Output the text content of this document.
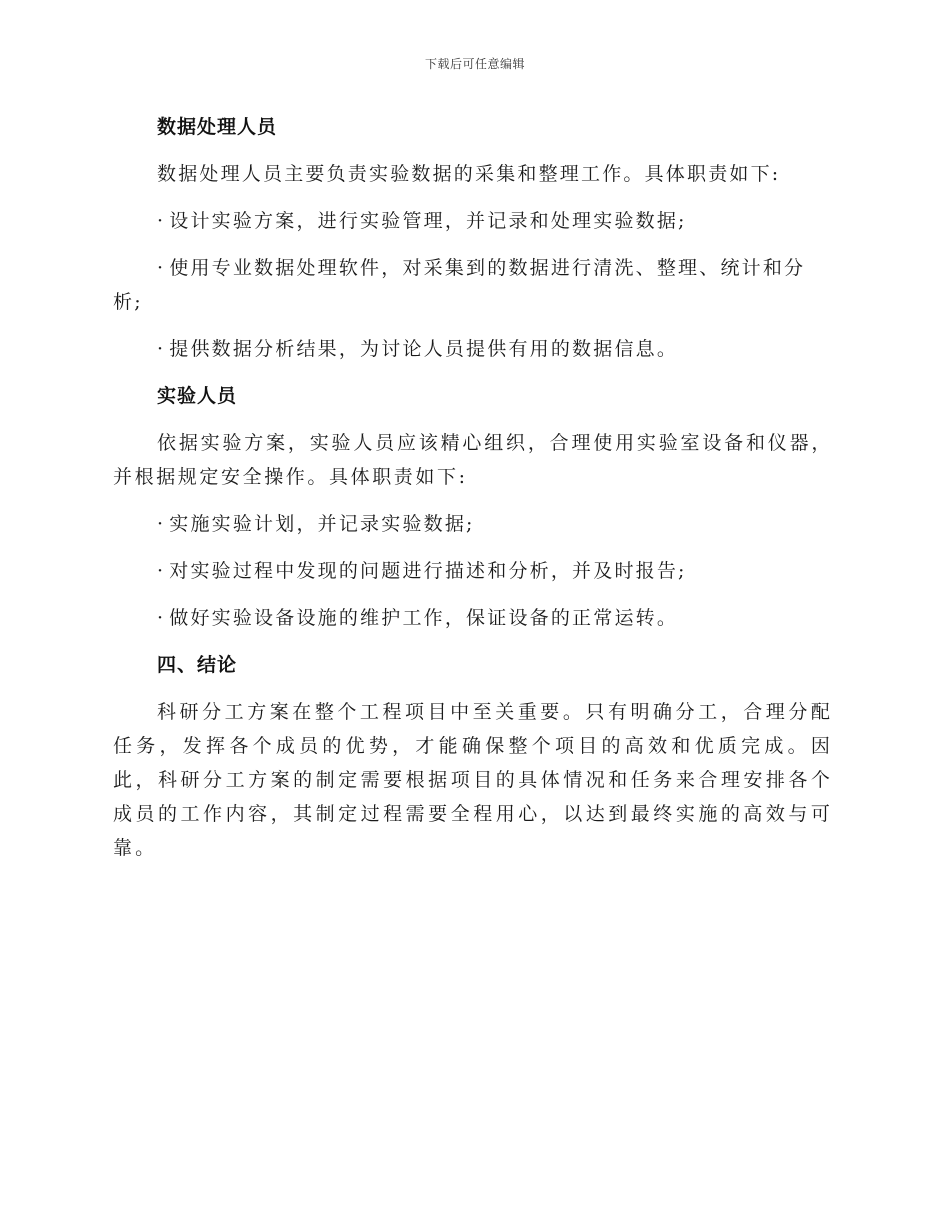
下载后可任意编辑
数据处理人员
数据处理人员主要负责实验数据的采集和整理工作。具体职责如下:
· 设计实验方案，进行实验管理，并记录和处理实验数据;
· 使用专业数据处理软件，对采集到的数据进行清洗、整理、统计和分析;
· 提供数据分析结果，为讨论人员提供有用的数据信息。
实验人员
依据实验方案，实验人员应该精心组织，合理使用实验室设备和仪器，并根据规定安全操作。具体职责如下:
· 实施实验计划，并记录实验数据;
· 对实验过程中发现的问题进行描述和分析，并及时报告;
· 做好实验设备设施的维护工作，保证设备的正常运转。
四、结论
科研分工方案在整个工程项目中至关重要。只有明确分工，合理分配任务，发挥各个成员的优势，才能确保整个项目的高效和优质完成。因此，科研分工方案的制定需要根据项目的具体情况和任务来合理安排各个成员的工作内容，其制定过程需要全程用心，以达到最终实施的高效与可靠。
